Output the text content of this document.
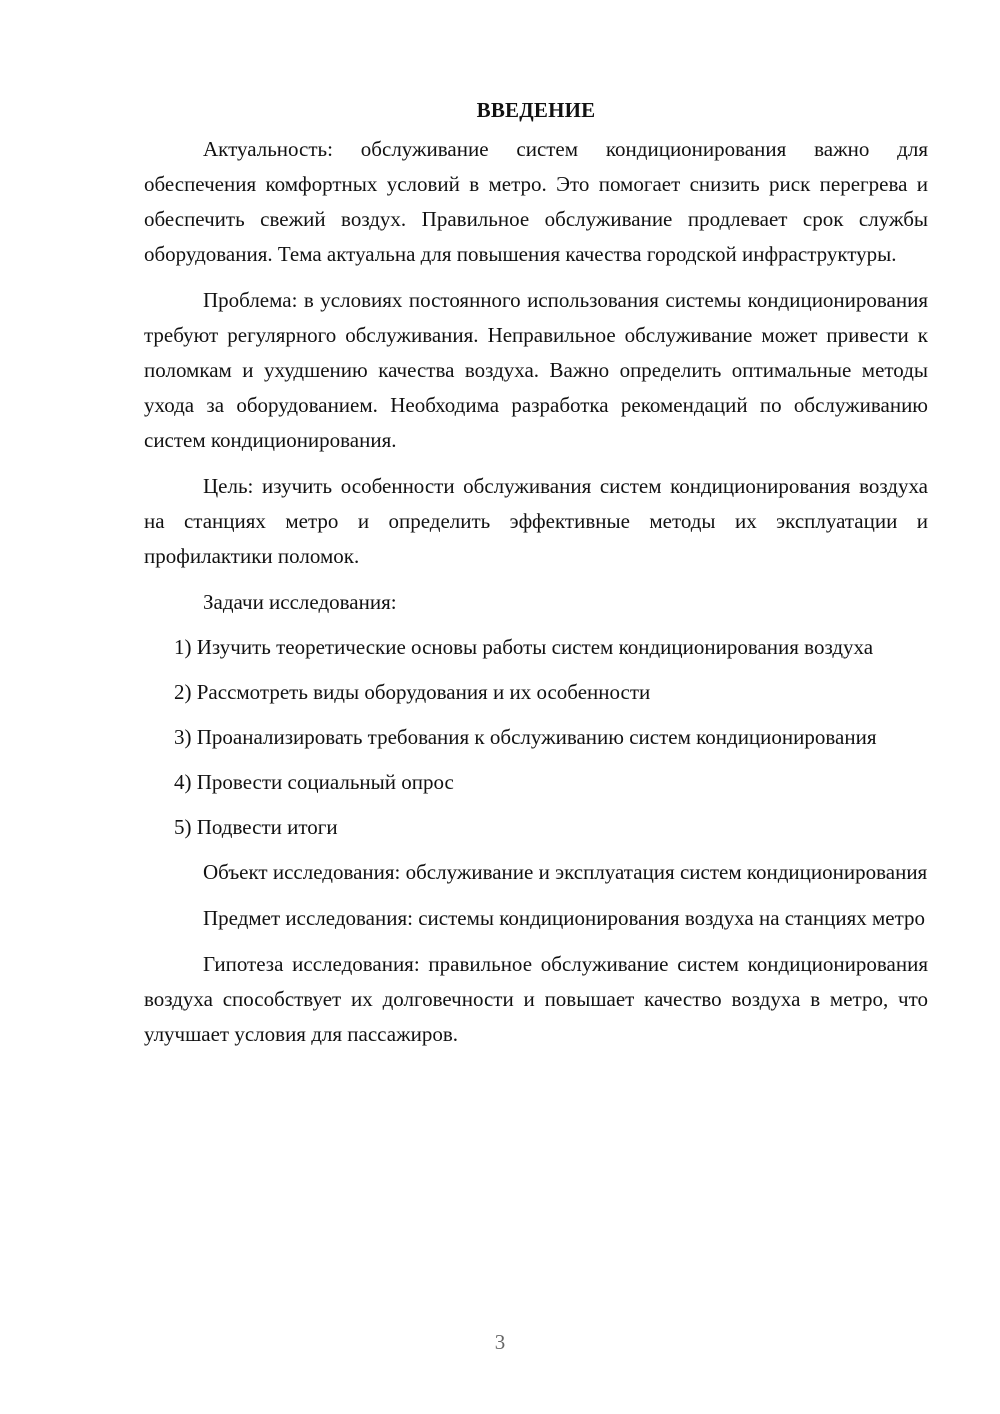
ВВЕДЕНИЕ

Актуальность: обслуживание систем кондиционирования важно для обеспечения комфортных условий в метро. Это помогает снизить риск перегрева и обеспечить свежий воздух. Правильное обслуживание продлевает срок службы оборудования. Тема актуальна для повышения качества городской инфраструктуры.

Проблема: в условиях постоянного использования системы кондиционирования требуют регулярного обслуживания. Неправильное обслуживание может привести к поломкам и ухудшению качества воздуха. Важно определить оптимальные методы ухода за оборудованием. Необходима разработка рекомендаций по обслуживанию систем кондиционирования.

Цель: изучить особенности обслуживания систем кондиционирования воздуха на станциях метро и определить эффективные методы их эксплуатации и профилактики поломок.

Задачи исследования:

1) Изучить теоретические основы работы систем кондиционирования воздуха

2) Рассмотреть виды оборудования и их особенности

3) Проанализировать требования к обслуживанию систем кондиционирования

4) Провести социальный опрос

5) Подвести итоги

Объект исследования: обслуживание и эксплуатация систем кондиционирования

Предмет исследования: системы кондиционирования воздуха на станциях метро

Гипотеза исследования: правильное обслуживание систем кондиционирования воздуха способствует их долговечности и повышает качество воздуха в метро, что улучшает условия для пассажиров.

3
